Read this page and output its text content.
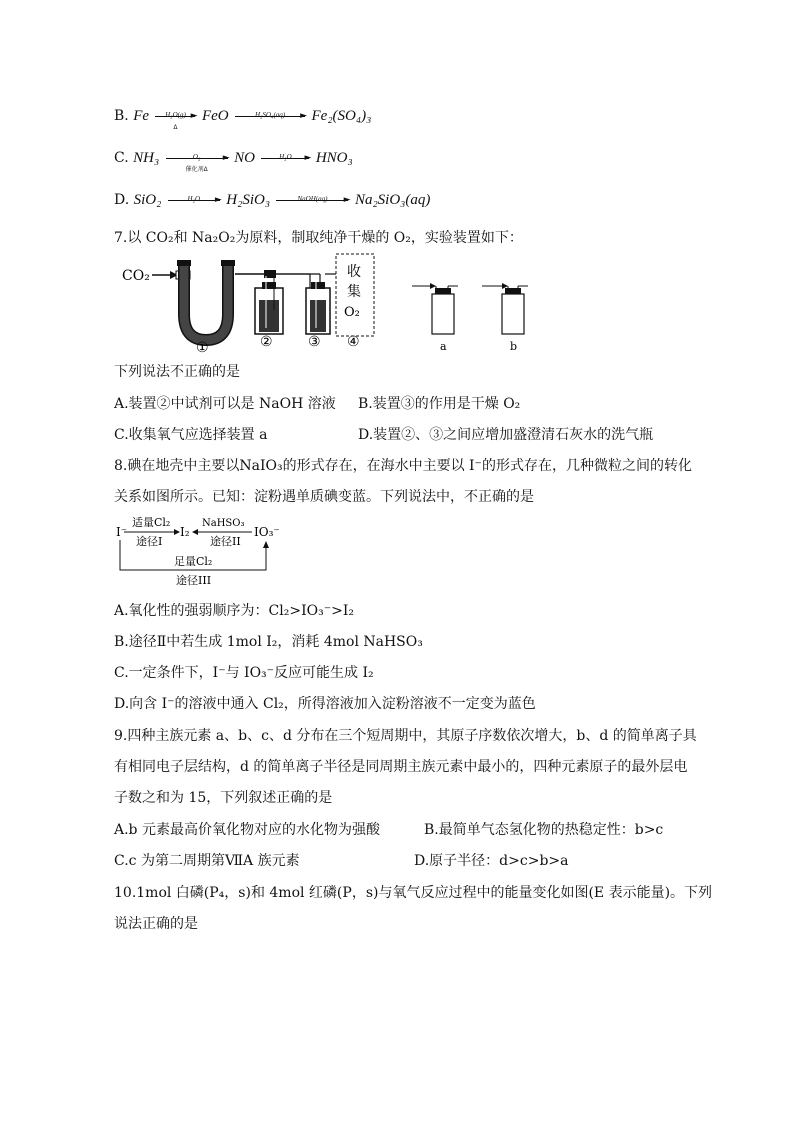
B. Fe	H₂O(g) ►
Δ
FeO	H₂SO₄(aq)	► Fe₂(SO₄)₃
C. NH₃	O₂	►
催化剂Δ
NO	H₂O	► HNO₃
D. SiO₂	H₂O	► H₂SiO₃	NaOH(aq)	► Na₂SiO₃(aq)
7.以 CO₂和 Na₂O₂为原料，制取纯净干燥的 O₂，实验装置如下：
CO₂
①	②	③
收
集
O₂
④	a	b
下列说法不正确的是
A.装置②中试剂可以是 NaOH 溶液 B.装置③的作用是干燥 O₂
C.收集氧气应选择装置 a	D.装置②、③之间应增加盛澄清石灰水的洗气瓶
8.碘在地壳中主要以NaIO₃的形式存在，在海水中主要以 I⁻的形式存在，几种微粒之间的转化
关系如图所示。已知：淀粉遇单质碘变蓝。下列说法中，不正确的是
I⁻
适量Cl₂
途径I
I₂
NaHSO₃
途径II
IO₃⁻
足量Cl₂
途径III
A.氧化性的强弱顺序为：Cl₂>IO₃⁻>I₂
B.途径Ⅱ中若生成 1mol I₂，消耗 4mol NaHSO₃
C.一定条件下，I⁻与 IO₃⁻反应可能生成 I₂
D.向含 I⁻的溶液中通入 Cl₂，所得溶液加入淀粉溶液不一定变为蓝色
9.四种主族元素 a、b、c、d 分布在三个短周期中，其原子序数依次增大，b、d 的简单离子具
有相同电子层结构，d 的简单离子半径是同周期主族元素中最小的，四种元素原子的最外层电
子数之和为 15，下列叙述正确的是
A.b 元素最高价氧化物对应的水化物为强酸	B.最简单气态氢化物的热稳定性：b>c
C.c 为第二周期第ⅦA 族元素	D.原子半径：d>c>b>a
10.1mol 白磷(P₄，s)和 4mol 红磷(P，s)与氧气反应过程中的能量变化如图(E 表示能量)。下列
说法正确的是
